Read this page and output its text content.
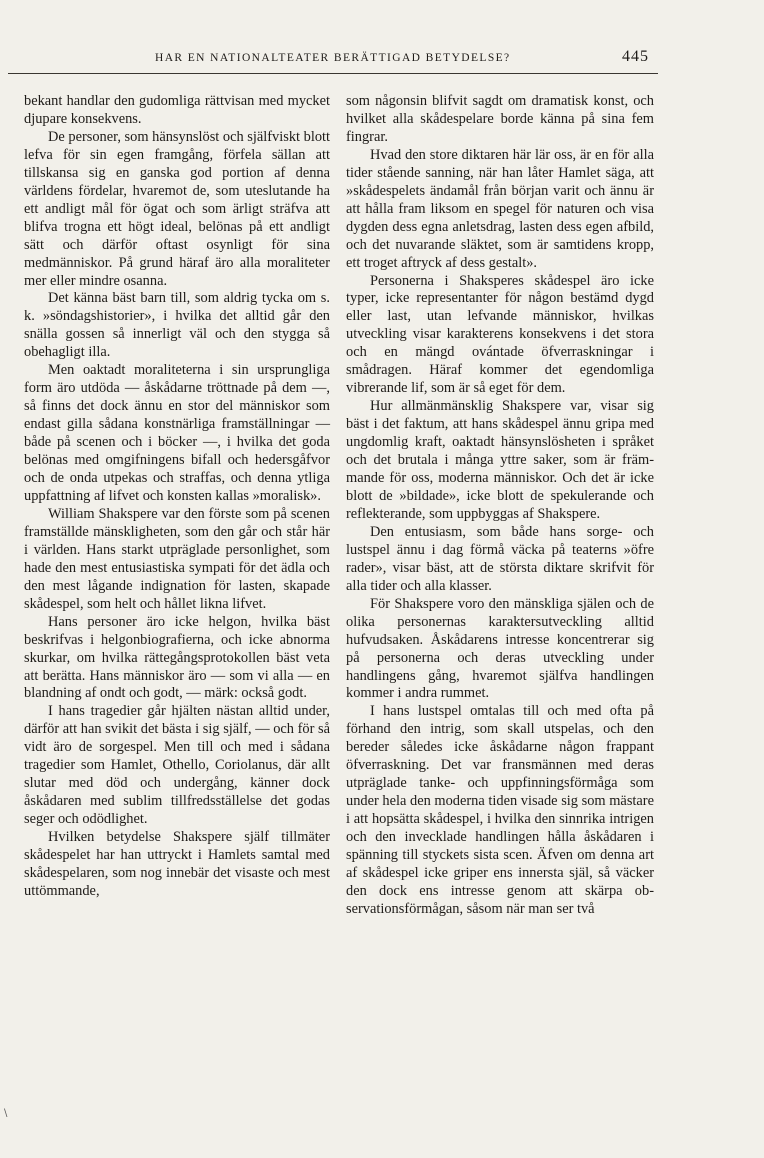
HAR EN NATIONALTEATER BERÄTTIGAD BETYDELSE?	445

bekant handlar den gudomliga rättvisan med mycket djupare konsekvens.

De personer, som hänsynslöst och själfviskt blott lefva för sin egen framgång, förfela sällan att tillskansa sig en ganska god portion af denna världens fördelar, hvaremot de, som uteslutande ha ett andligt mål för ögat och som ärligt sträfva att blifva trogna ett högt ideal, belönas på ett andligt sätt och därför oftast osynligt för sina medmänniskor. På grund häraf äro alla moraliteter mer eller mindre osanna.

Det känna bäst barn till, som aldrig tycka om s. k. »söndagshistorier», i hvilka det alltid går den snälla gossen så innerligt väl och den stygga så obehagligt illa.

Men oaktadt moraliteterna i sin ursprungliga form äro utdöda — åskådarne tröttnade på dem —, så finns det dock ännu en stor del människor som endast gilla sådana konstnärliga framställningar — både på scenen och i böcker —, i hvilka det goda belönas med omgifningens bifall och hedersgåfvor och de onda utpekas och straffas, och denna ytliga uppfattning af lifvet och konsten kallas »moralisk».

William Shakspere var den förste som på scenen framställde mänskligheten, som den går och står här i världen. Hans starkt utpräglade personlighet, som hade den mest entusiastiska sympati för det ädla och den mest lågande indignation för lasten, skapade skådespel, som helt och hållet likna lifvet.

Hans personer äro icke helgon, hvilka bäst beskrifvas i helgonbiografierna, och icke abnorma skurkar, om hvilka rättegångsprotokollen bäst veta att berätta. Hans människor äro — som vi alla — en blandning af ondt och godt, — märk: också godt.

I hans tragedier går hjälten nästan alltid under, därför att han svikit det bästa i sig själf, — och för så vidt äro de sorgespel. Men till och med i sådana tragedier som Hamlet, Othello, Coriolanus, där allt slutar med död och undergång, känner dock åskådaren med sublim tillfredsställelse det godas seger och odödlighet.

Hvilken betydelse Shakspere själf tillmäter skådespelet har han uttryckt i Hamlets samtal med skådespelaren, som nog innebär det visaste och mest uttömmande,

som någonsin blifvit sagdt om dramatisk konst, och hvilket alla skådespelare borde känna på sina fem fingrar.

Hvad den store diktaren här lär oss, är en för alla tider stående sanning, när han låter Hamlet säga, att »skådespelets ändamål från början varit och ännu är att hålla fram liksom en spegel för naturen och visa dygden dess egna anletsdrag, lasten dess egen afbild, och det nuvarande släktet, som är samtidens kropp, ett troget aftryck af dess gestalt».

Personerna i Shaksperes skådespel äro icke typer, icke representanter för någon bestämd dygd eller last, utan lefvande människor, hvilkas utveckling visar karakterens konsekvens i det stora och en mängd ovántade öfverraskningar i smådragen. Häraf kommer det egendomliga vibrerande lif, som är så eget för dem.

Hur allmänmänsklig Shakspere var, visar sig bäst i det faktum, att hans skådespel ännu gripa med ungdomlig kraft, oaktadt hänsynslösheten i språket och det brutala i många yttre saker, som är främmande för oss, moderna människor. Och det är icke blott de »bildade», icke blott de spekulerande och reflekterande, som uppbyggas af Shakspere.

Den entusiasm, som både hans sorge- och lustspel ännu i dag förmå väcka på teaterns »öfre rader», visar bäst, att de största diktare skrifvit för alla tider och alla klasser.

För Shakspere voro den mänskliga själen och de olika personernas karaktersutveckling alltid hufvudsaken. Åskådarens intresse koncentrerar sig på personerna och deras utveckling under handlingens gång, hvaremot själfva handlingen kommer i andra rummet.

I hans lustspel omtalas till och med ofta på förhand den intrig, som skall utspelas, och den bereder således icke åskådarne någon frappant öfverraskning. Det var fransmännen med deras utpräglade tanke- och uppfinningsförmåga som under hela den moderna tiden visade sig som mästare i att hopsätta skådespel, i hvilka den sinnrika intrigen och den invecklade handlingen hålla åskådaren i spänning till styckets sista scen. Äfven om denna art af skådespel icke griper ens innersta själ, så väcker den dock ens intresse genom att skärpa observationsförmågan, såsom när man ser två

\
